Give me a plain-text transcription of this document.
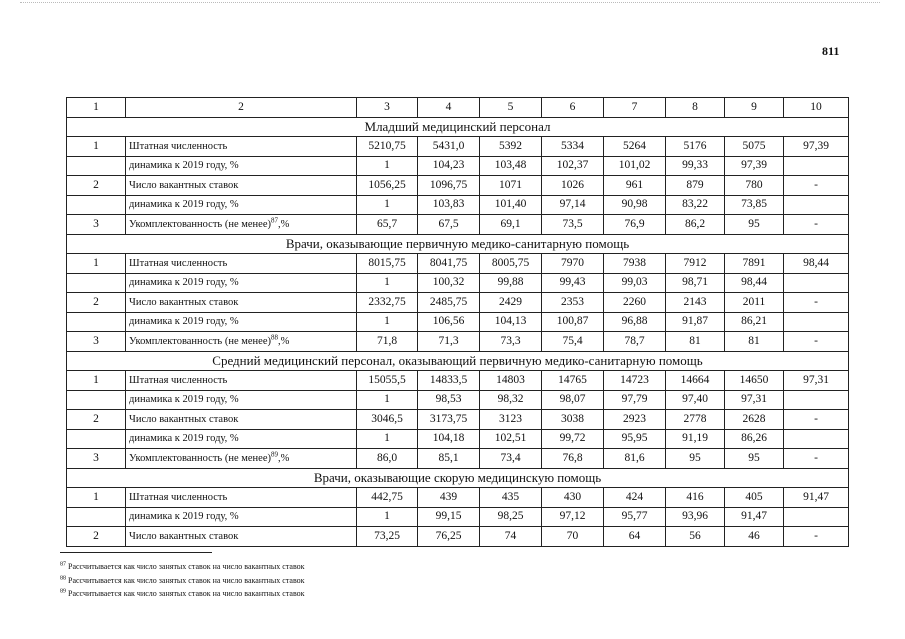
811
1	2	3	4	5	6	7	8	9	10
Младший медицинский персонал									
1	Штатная численность	5210,75	5431,0	5392	5334	5264	5176	5075	97,39
	динамика к 2019 году, %	1	104,23	103,48	102,37	101,02	99,33	97,39	
2	Число вакантных ставок	1056,25	1096,75	1071	1026	961	879	780	-
	динамика к 2019 году, %	1	103,83	101,40	97,14	90,98	83,22	73,85	
3	Укомплектованность (не менее)$^{87}$,%	65,7	67,5	69,1	73,5	76,9	86,2	95	-
Врачи, оказывающие первичную медико-санитарную помощь									
1	Штатная численность	8015,75	8041,75	8005,75	7970	7938	7912	7891	98,44
	динамика к 2019 году, %	1	100,32	99,88	99,43	99,03	98,71	98,44	
2	Число вакантных ставок	2332,75	2485,75	2429	2353	2260	2143	2011	-
	динамика к 2019 году, %	1	106,56	104,13	100,87	96,88	91,87	86,21	
3	Укомплектованность (не менее)$^{88}$,%	71,8	71,3	73,3	75,4	78,7	81	81	-
Средний медицинский персонал, оказывающий первичную медико-санитарную помощь									
1	Штатная численность	15055,5	14833,5	14803	14765	14723	14664	14650	97,31
	динамика к 2019 году, %	1	98,53	98,32	98,07	97,79	97,40	97,31	
2	Число вакантных ставок	3046,5	3173,75	3123	3038	2923	2778	2628	-
	динамика к 2019 году, %	1	104,18	102,51	99,72	95,95	91,19	86,26	
3	Укомплектованность (не менее)$^{89}$,%	86,0	85,1	73,4	76,8	81,6	95	95	-
Врачи, оказывающие скорую медицинскую помощь									
1	Штатная численность	442,75	439	435	430	424	416	405	91,47
	динамика к 2019 году, %	1	99,15	98,25	97,12	95,77	93,96	91,47	
2	Число вакантных ставок	73,25	76,25	74	70	64	56	46	-
$^{87}$ Рассчитывается как число занятых ставок на число вакантных ставок
$^{88}$ Рассчитывается как число занятых ставок на число вакантных ставок
$^{89}$ Рассчитывается как число занятых ставок на число вакантных ставок
